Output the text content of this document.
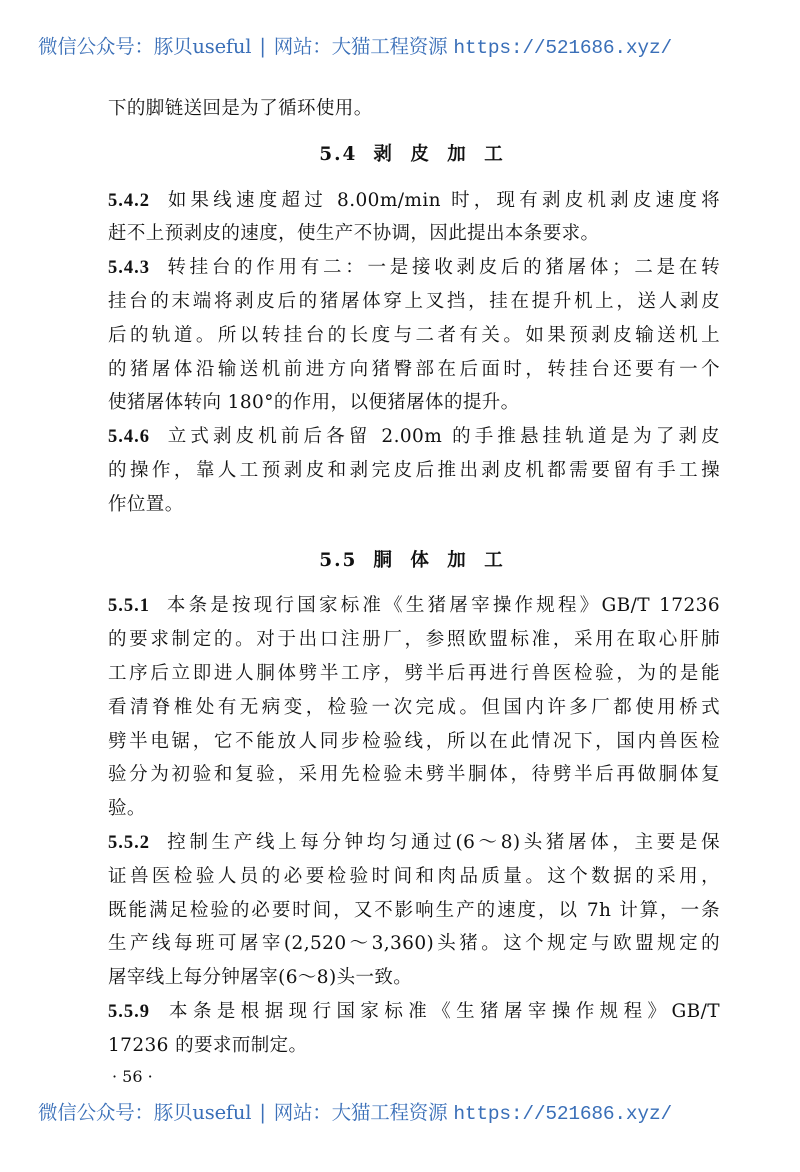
微信公众号：豚贝useful | 网站：大猫工程资源 https://521686.xyz/
下的脚链送回是为了循环使用。
5.4 剥 皮 加 工
5.4.2 如果线速度超过 8.00m/min 时，现有剥皮机剥皮速度将
赶不上预剥皮的速度，使生产不协调，因此提出本条要求。
5.4.3 转挂台的作用有二：一是接收剥皮后的猪屠体；二是在转
挂台的末端将剥皮后的猪屠体穿上叉挡，挂在提升机上，送人剥皮
后的轨道。所以转挂台的长度与二者有关。如果预剥皮输送机上
的猪屠体沿输送机前进方向猪臀部在后面时，转挂台还要有一个
使猪屠体转向 180°的作用，以便猪屠体的提升。
5.4.6 立式剥皮机前后各留 2.00m 的手推悬挂轨道是为了剥皮
的操作，靠人工预剥皮和剥完皮后推出剥皮机都需要留有手工操
作位置。
5.5 胴 体 加 工
5.5.1 本条是按现行国家标准《生猪屠宰操作规程》GB/T 17236
的要求制定的。对于出口注册厂，参照欧盟标准，采用在取心肝肺
工序后立即进人胴体劈半工序，劈半后再进行兽医检验，为的是能
看清脊椎处有无病变，检验一次完成。但国内许多厂都使用桥式
劈半电锯，它不能放人同步检验线，所以在此情况下，国内兽医检
验分为初验和复验，采用先检验未劈半胴体，待劈半后再做胴体复
验。
5.5.2 控制生产线上每分钟均匀通过(6～8)头猪屠体，主要是保
证兽医检验人员的必要检验时间和肉品质量。这个数据的采用，
既能满足检验的必要时间，又不影响生产的速度，以 7h 计算，一条
生产线每班可屠宰(2,520～3,360)头猪。这个规定与欧盟规定的
屠宰线上每分钟屠宰(6～8)头一致。
5.5.9 本条是根据现行国家标准《生猪屠宰操作规程》GB/T
17236 的要求而制定。
· 56 ·
微信公众号：豚贝useful | 网站：大猫工程资源 https://521686.xyz/
